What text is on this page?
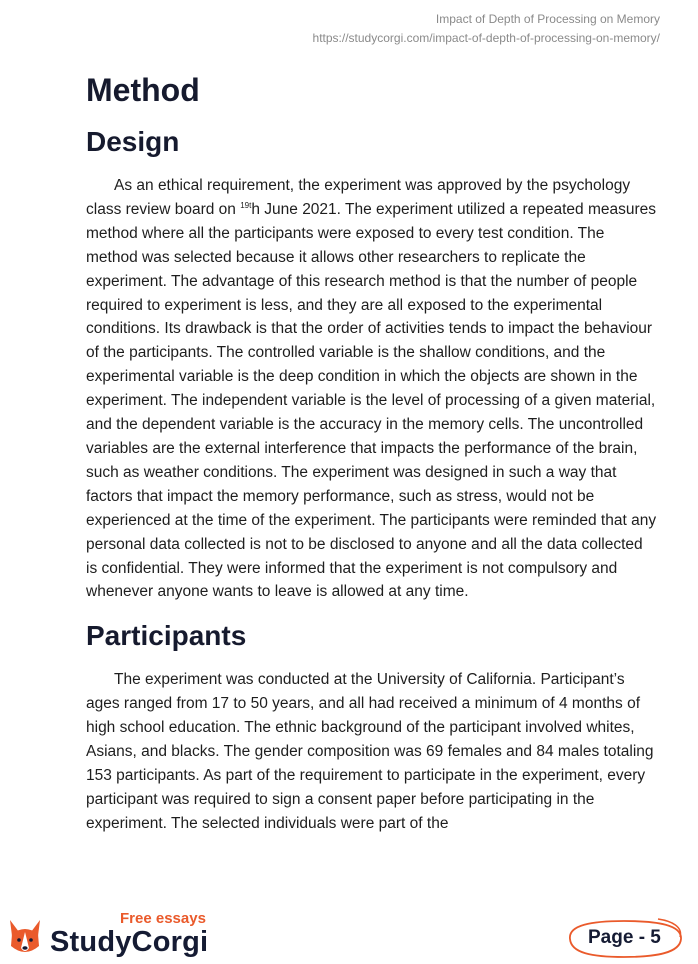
Impact of Depth of Processing on Memory
https://studycorgi.com/impact-of-depth-of-processing-on-memory/
Method
Design

As an ethical requirement, the experiment was approved by the psychology class review board on $^{19t}$h June 2021. The experiment utilized a repeated measures method where all the participants were exposed to every test condition. The method was selected because it allows other researchers to replicate the experiment. The advantage of this research method is that the number of people required to experiment is less, and they are all exposed to the experimental conditions. Its drawback is that the order of activities tends to impact the behaviour of the participants. The controlled variable is the shallow conditions, and the experimental variable is the deep condition in which the objects are shown in the experiment. The independent variable is the level of processing of a given material, and the dependent variable is the accuracy in the memory cells. The uncontrolled variables are the external interference that impacts the performance of the brain, such as weather conditions. The experiment was designed in such a way that factors that impact the memory performance, such as stress, would not be experienced at the time of the experiment. The participants were reminded that any personal data collected is not to be disclosed to anyone and all the data collected is confidential. They were informed that the experiment is not compulsory and whenever anyone wants to leave is allowed at any time.

Participants

The experiment was conducted at the University of California. Participant’s ages ranged from 17 to 50 years, and all had received a minimum of 4 months of high school education. The ethnic background of the participant involved whites, Asians, and blacks. The gender composition was 69 females and 84 males totaling 153 participants. As part of the requirement to participate in the experiment, every participant was required to sign a consent paper before participating in the experiment. The selected individuals were part of the

Free essays
StudyCorgi	Page - 5
